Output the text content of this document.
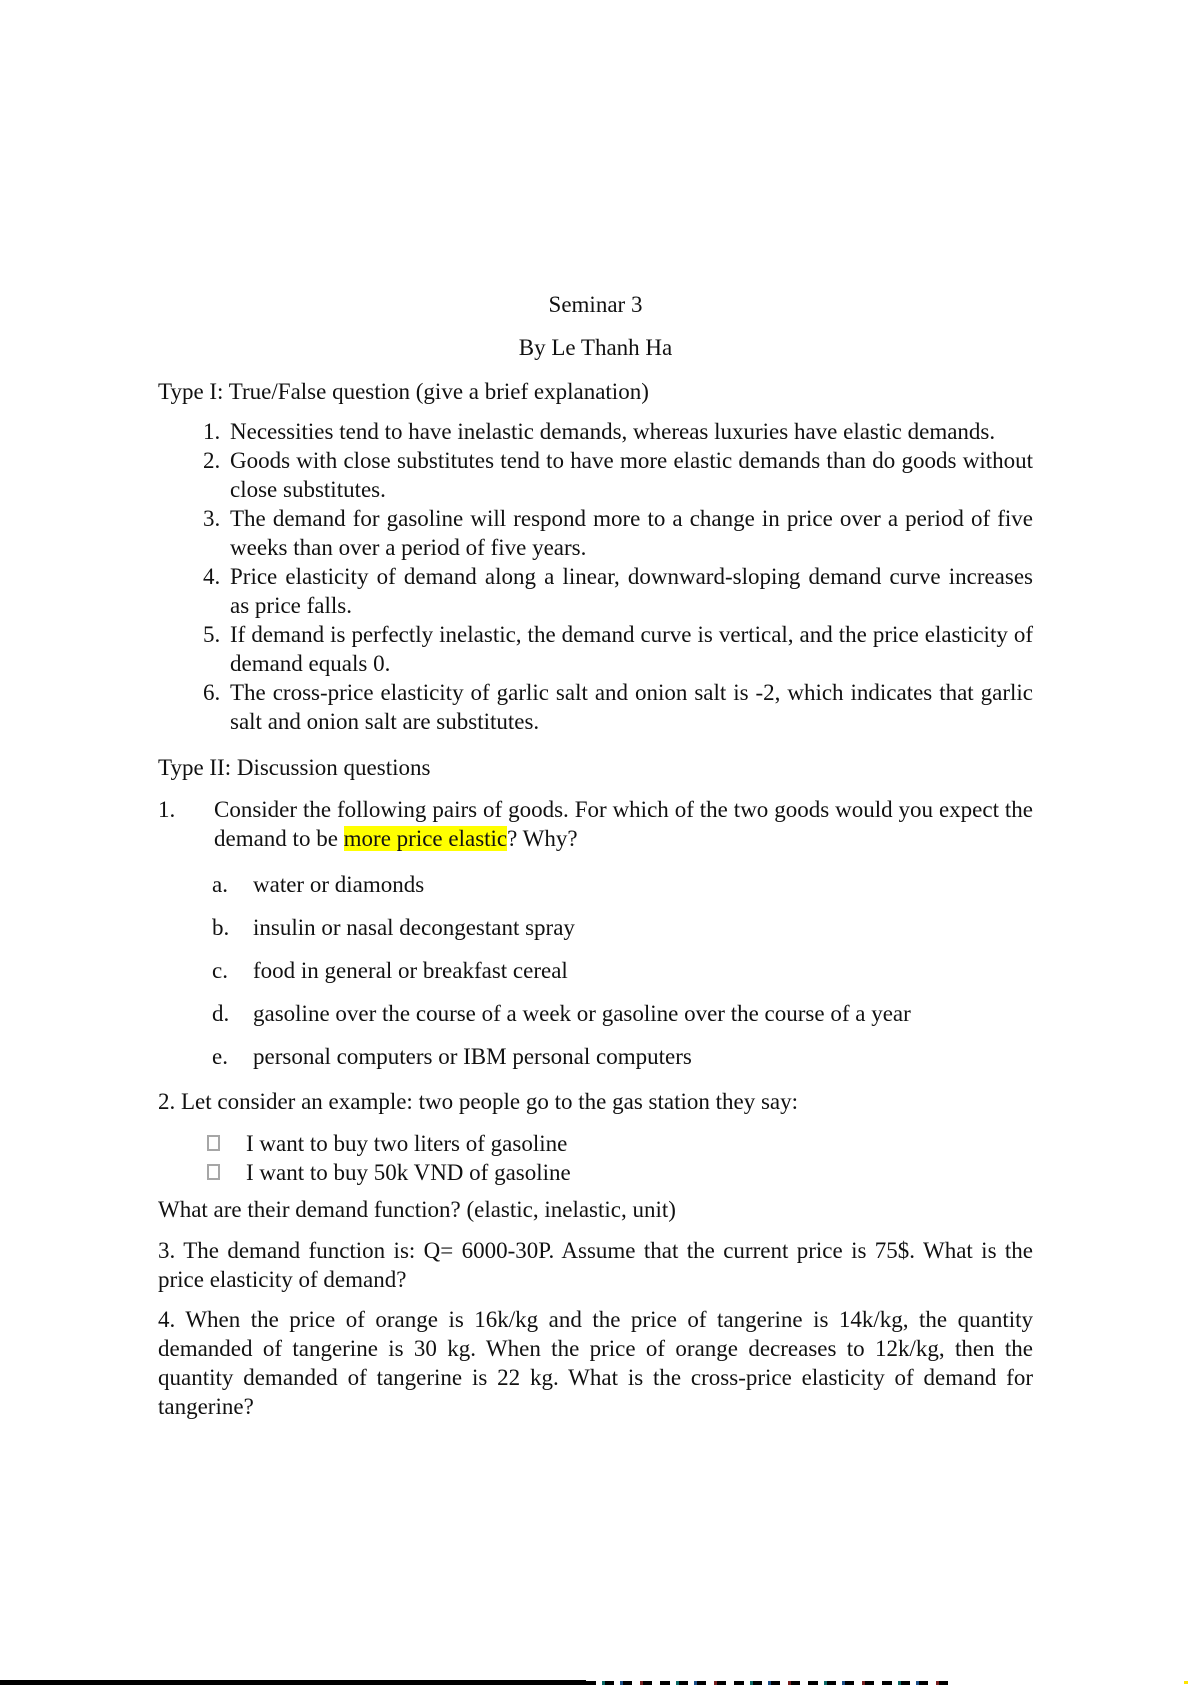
Seminar 3

By Le Thanh Ha

Type I: True/False question (give a brief explanation)

1. Necessities tend to have inelastic demands, whereas luxuries have elastic demands.
2. Goods with close substitutes tend to have more elastic demands than do goods without close substitutes.
3. The demand for gasoline will respond more to a change in price over a period of five weeks than over a period of five years.
4. Price elasticity of demand along a linear, downward-sloping demand curve increases as price falls.
5. If demand is perfectly inelastic, the demand curve is vertical, and the price elasticity of demand equals 0.
6. The cross-price elasticity of garlic salt and onion salt is -2, which indicates that garlic salt and onion salt are substitutes.

Type II: Discussion questions

1.	Consider the following pairs of goods. For which of the two goods would you expect the demand to be more price elastic? Why?
a.	water or diamonds
b.	insulin or nasal decongestant spray
c.	food in general or breakfast cereal
d.	gasoline over the course of a week or gasoline over the course of a year
e.	personal computers or IBM personal computers

2. Let consider an example: two people go to the gas station they say:

I want to buy two liters of gasoline
I want to buy 50k VND of gasoline

What are their demand function? (elastic, inelastic, unit)

3. The demand function is: Q= 6000-30P. Assume that the current price is 75$. What is the price elasticity of demand?

4. When the price of orange is 16k/kg and the price of tangerine is 14k/kg, the quantity demanded of tangerine is 30 kg. When the price of orange decreases to 12k/kg, then the quantity demanded of tangerine is 22 kg. What is the cross-price elasticity of demand for tangerine?
